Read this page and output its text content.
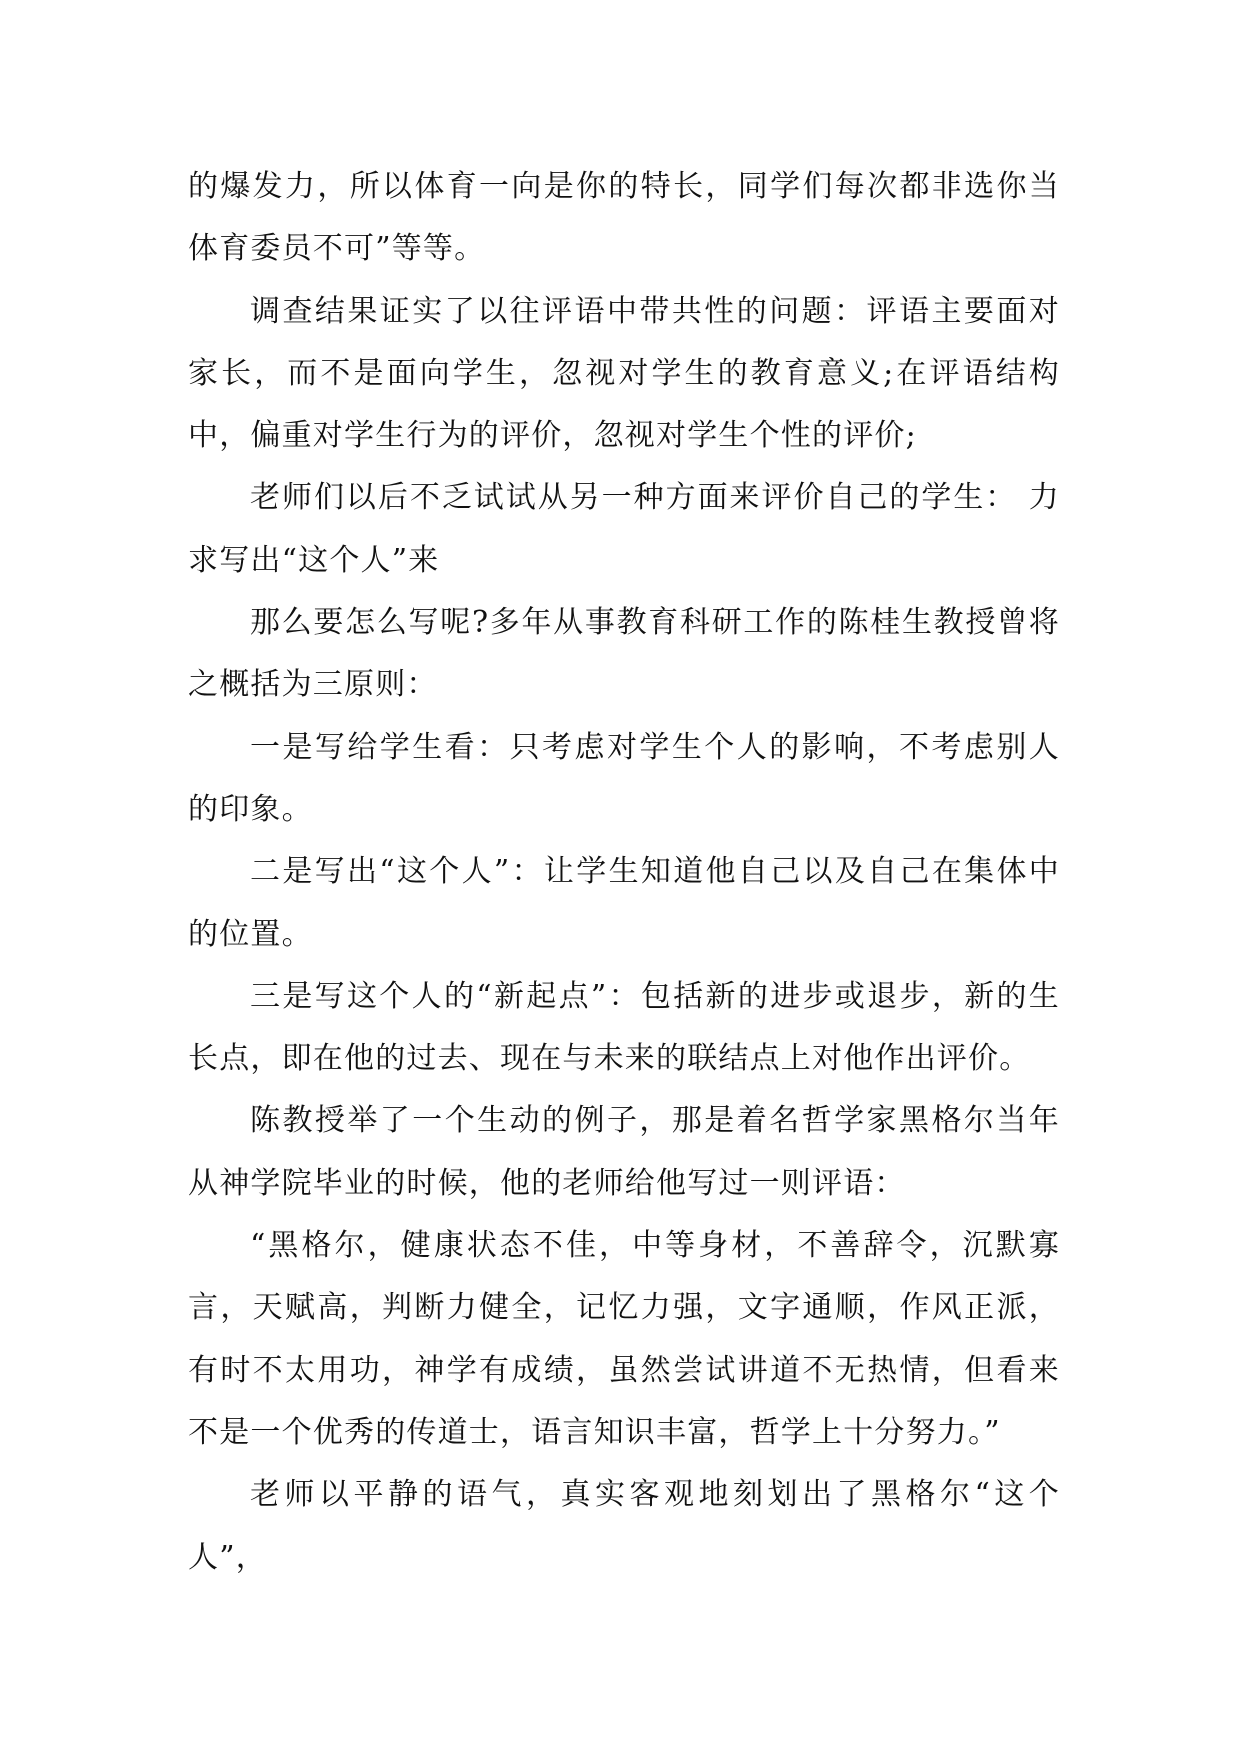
的爆发力，所以体育一向是你的特长，同学们每次都非选你当体育委员不可”等等。

调查结果证实了以往评语中带共性的问题：评语主要面对家长，而不是面向学生，忽视对学生的教育意义;在评语结构中，偏重对学生行为的评价，忽视对学生个性的评价;

老师们以后不乏试试从另一种方面来评价自己的学生： 力求写出“这个人”来

那么要怎么写呢?多年从事教育科研工作的陈桂生教授曾将之概括为三原则：

一是写给学生看：只考虑对学生个人的影响，不考虑别人的印象。

二是写出“这个人”：让学生知道他自己以及自己在集体中的位置。

三是写这个人的“新起点”：包括新的进步或退步，新的生长点，即在他的过去、现在与未来的联结点上对他作出评价。

陈教授举了一个生动的例子，那是着名哲学家黑格尔当年从神学院毕业的时候，他的老师给他写过一则评语：

“黑格尔，健康状态不佳，中等身材，不善辞令，沉默寡言，天赋高，判断力健全，记忆力强，文字通顺，作风正派，有时不太用功，神学有成绩，虽然尝试讲道不无热情，但看来不是一个优秀的传道士，语言知识丰富，哲学上十分努力。”

老师以平静的语气，真实客观地刻划出了黑格尔“这个人”，
